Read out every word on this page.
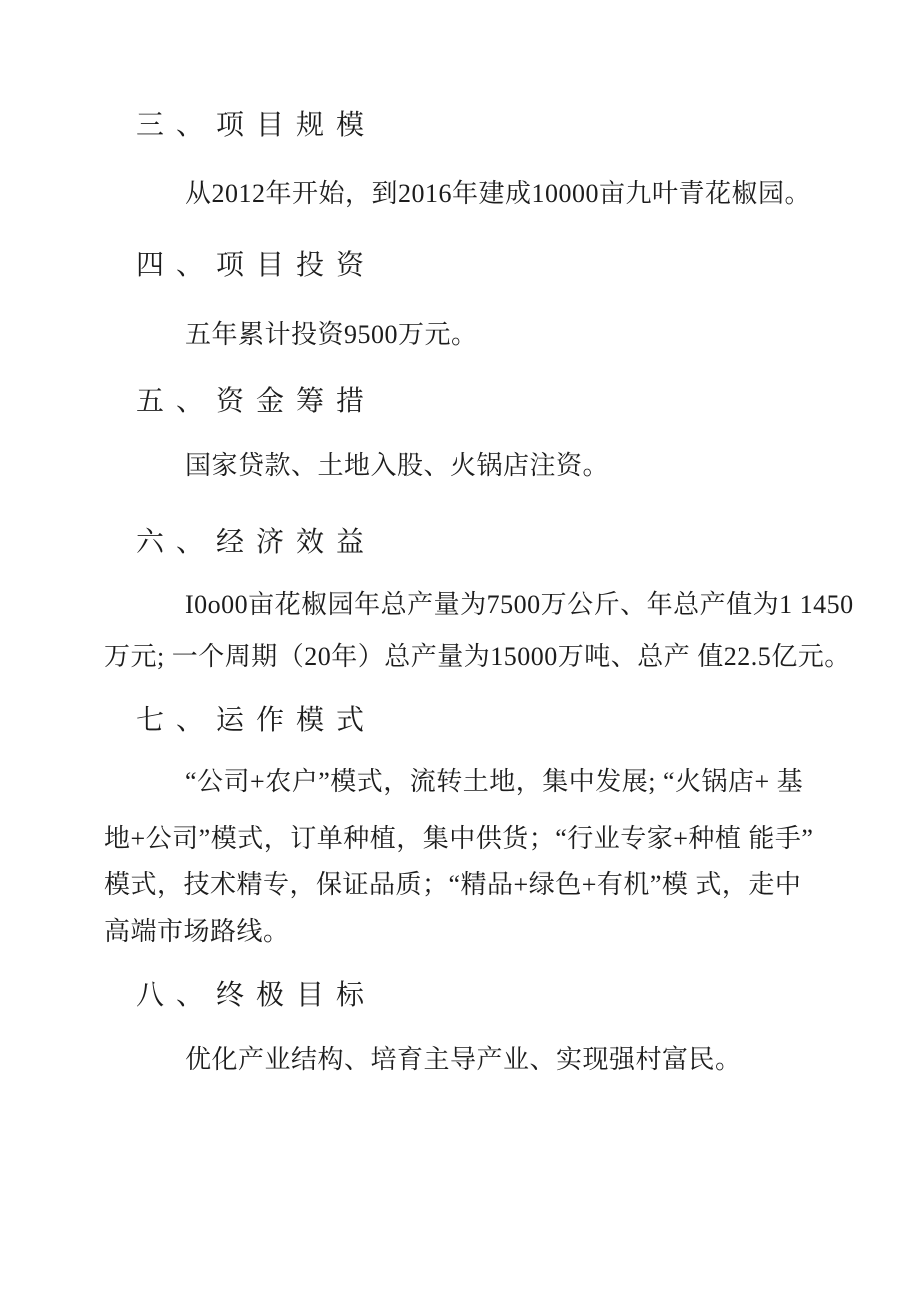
三、项目规模
从2012年开始，到2016年建成10000亩九叶青花椒园。
四、项目投资
五年累计投资9500万元。
五、资金筹措
国家贷款、土地入股、火锅店注资。
六、经济效益
I0o00亩花椒园年总产量为7500万公斤、年总产值为1 1450
万元; 一个周期（20年）总产量为15000万吨、总产 值22.5亿元。
七、运作模式
“公司+农户”模式，流转土地，集中发展; “火锅店+ 基
地+公司”模式，订单种植，集中供货；“行业专家+种植 能手”
模式，技术精专，保证品质；“精品+绿色+有机”模 式，走中
高端市场路线。
八、终极目标
优化产业结构、培育主导产业、实现强村富民。
